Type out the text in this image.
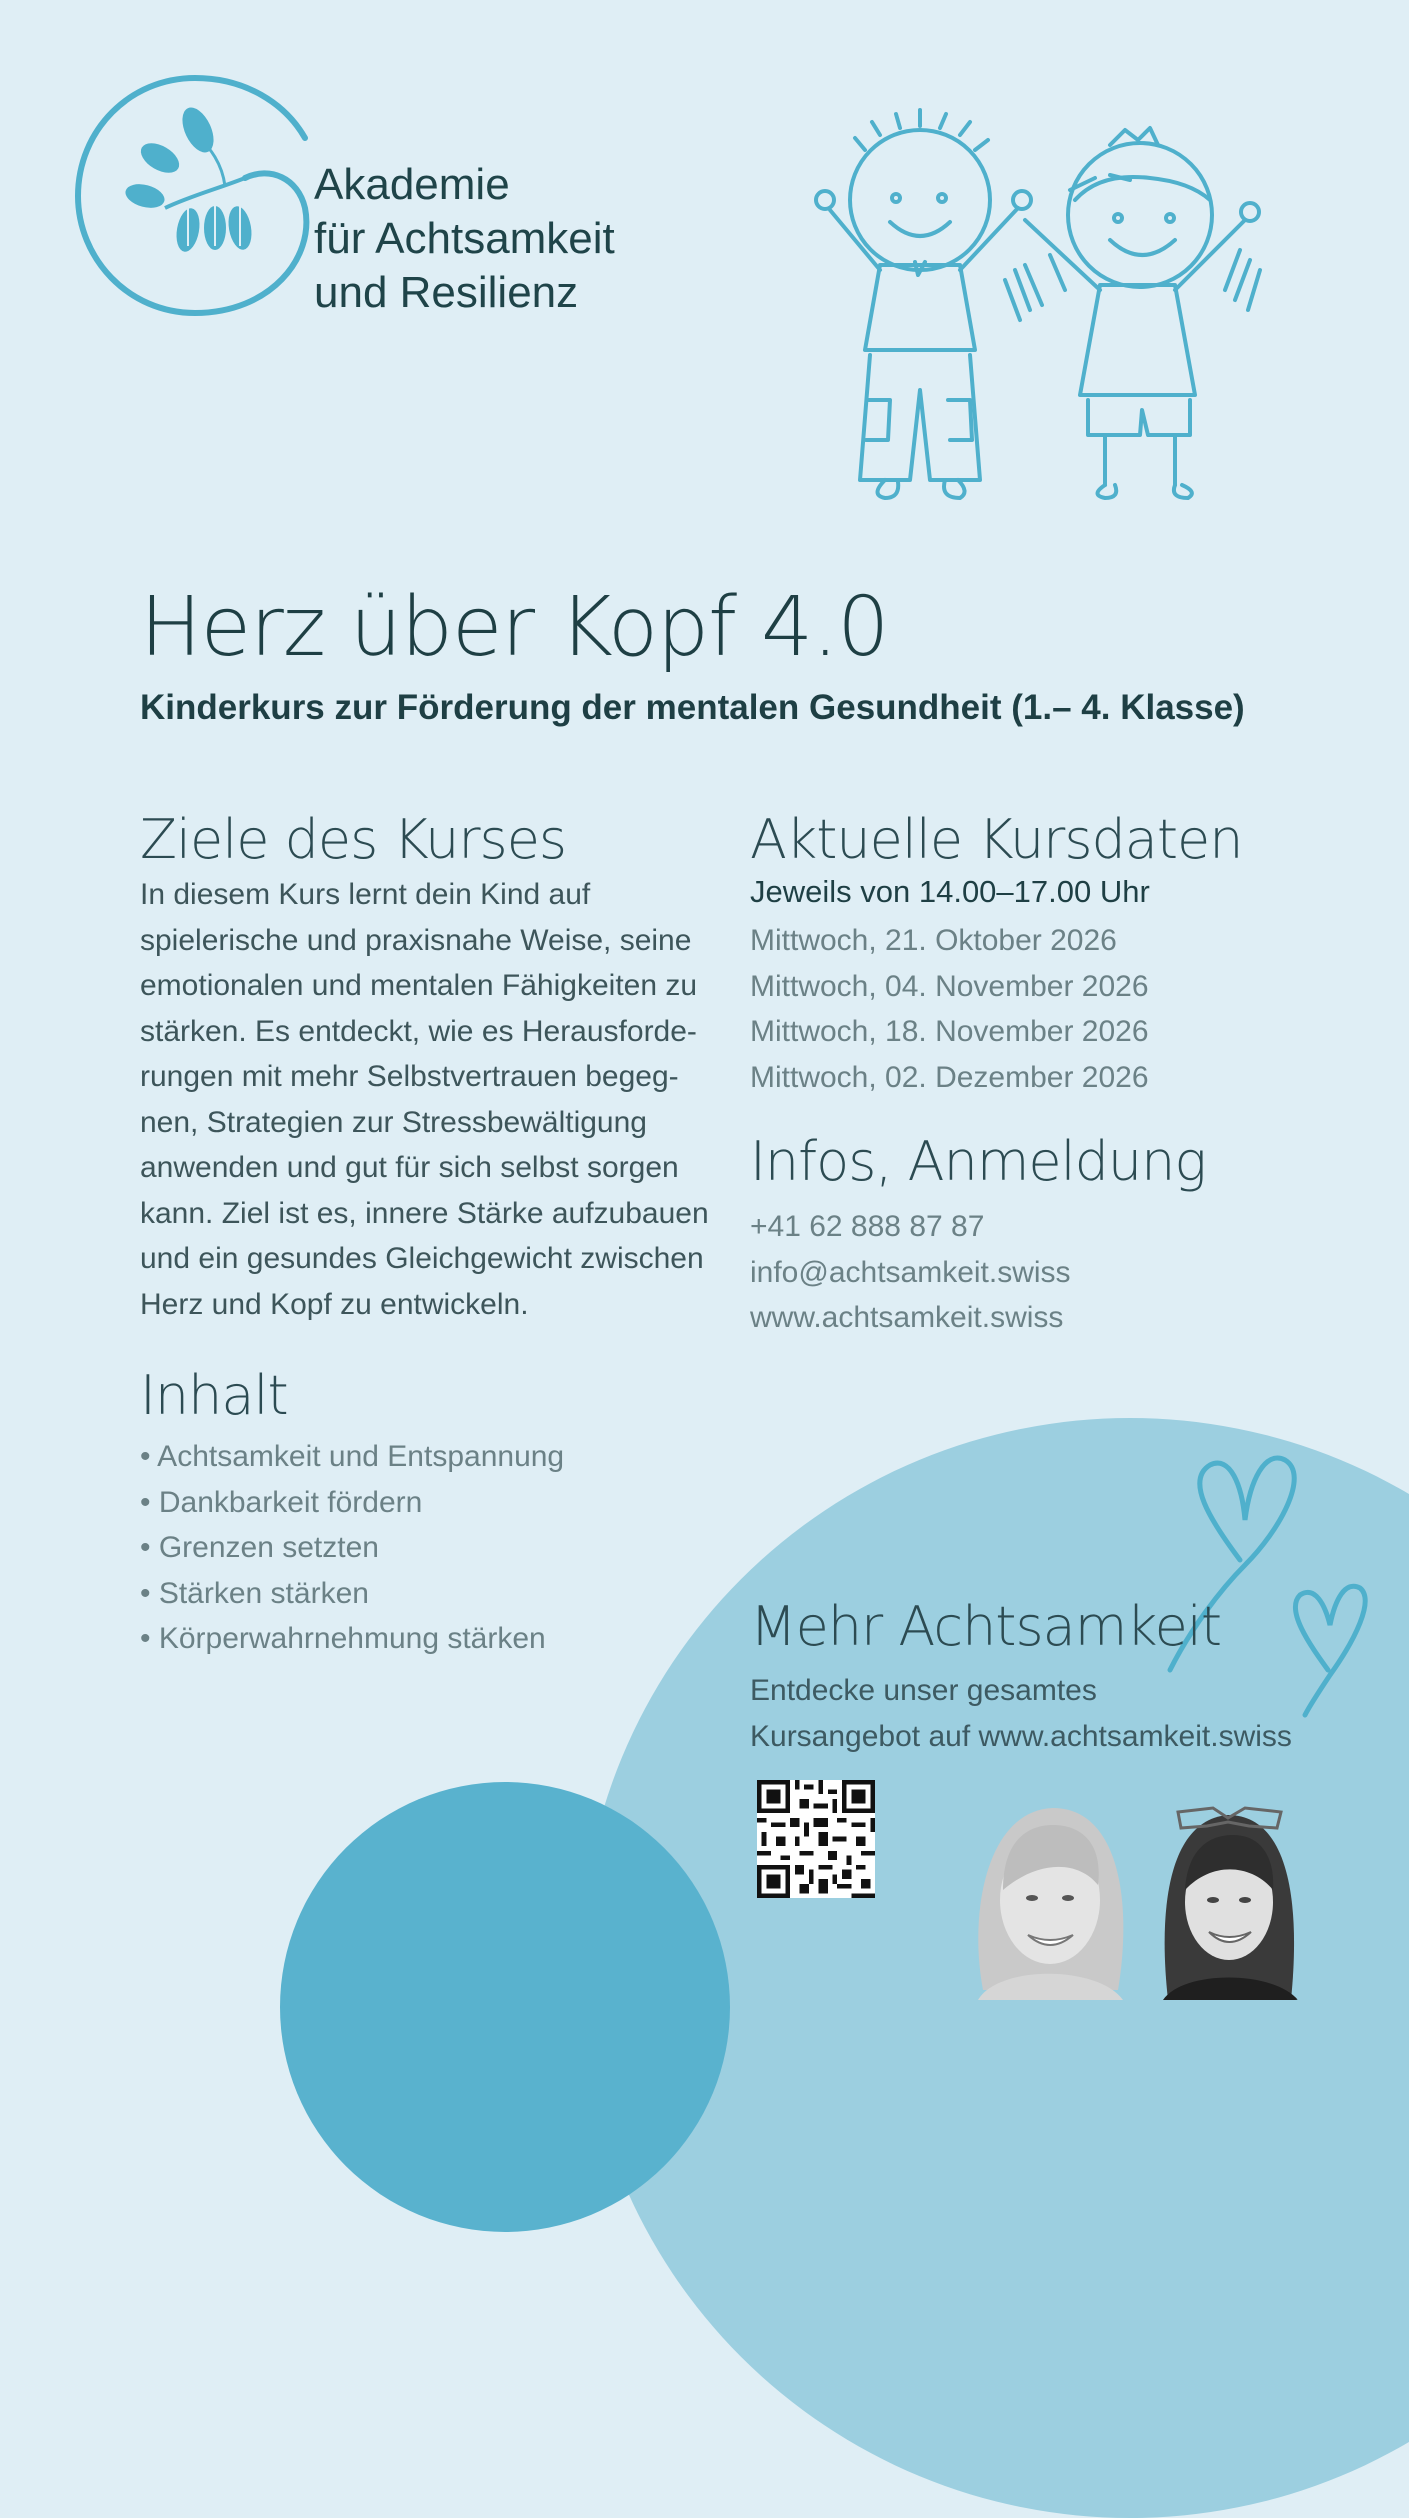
Akademie
für Achtsamkeit
und Resilienz
Herz über Kopf 4.0
Kinderkurs zur Förderung der mentalen Gesundheit (1.– 4. Klasse)
Ziele des Kurses
In diesem Kurs lernt dein Kind auf
spielerische und praxisnahe Weise, seine
emotionalen und mentalen Fähigkeiten zu
stärken. Es entdeckt, wie es Herausforde-
rungen mit mehr Selbstvertrauen begeg-
nen, Strategien zur Stressbewältigung
anwenden und gut für sich selbst sorgen
kann. Ziel ist es, innere Stärke aufzubauen
und ein gesundes Gleichgewicht zwischen
Herz und Kopf zu entwickeln.
Aktuelle Kursdaten
Jeweils von 14.00–17.00 Uhr
Mittwoch, 21. Oktober 2026
Mittwoch, 04. November 2026
Mittwoch, 18. November 2026
Mittwoch, 02. Dezember 2026
Infos, Anmeldung
+41 62 888 87 87
info@achtsamkeit.swiss
www.achtsamkeit.swiss
Inhalt
• Achtsamkeit und Entspannung
• Dankbarkeit fördern
• Grenzen setzten
• Stärken stärken
• Körperwahrnehmung stärken	Mehr Achtsamkeit
Entdecke unser gesamtes
Kursangebot auf www.achtsamkeit.swiss
